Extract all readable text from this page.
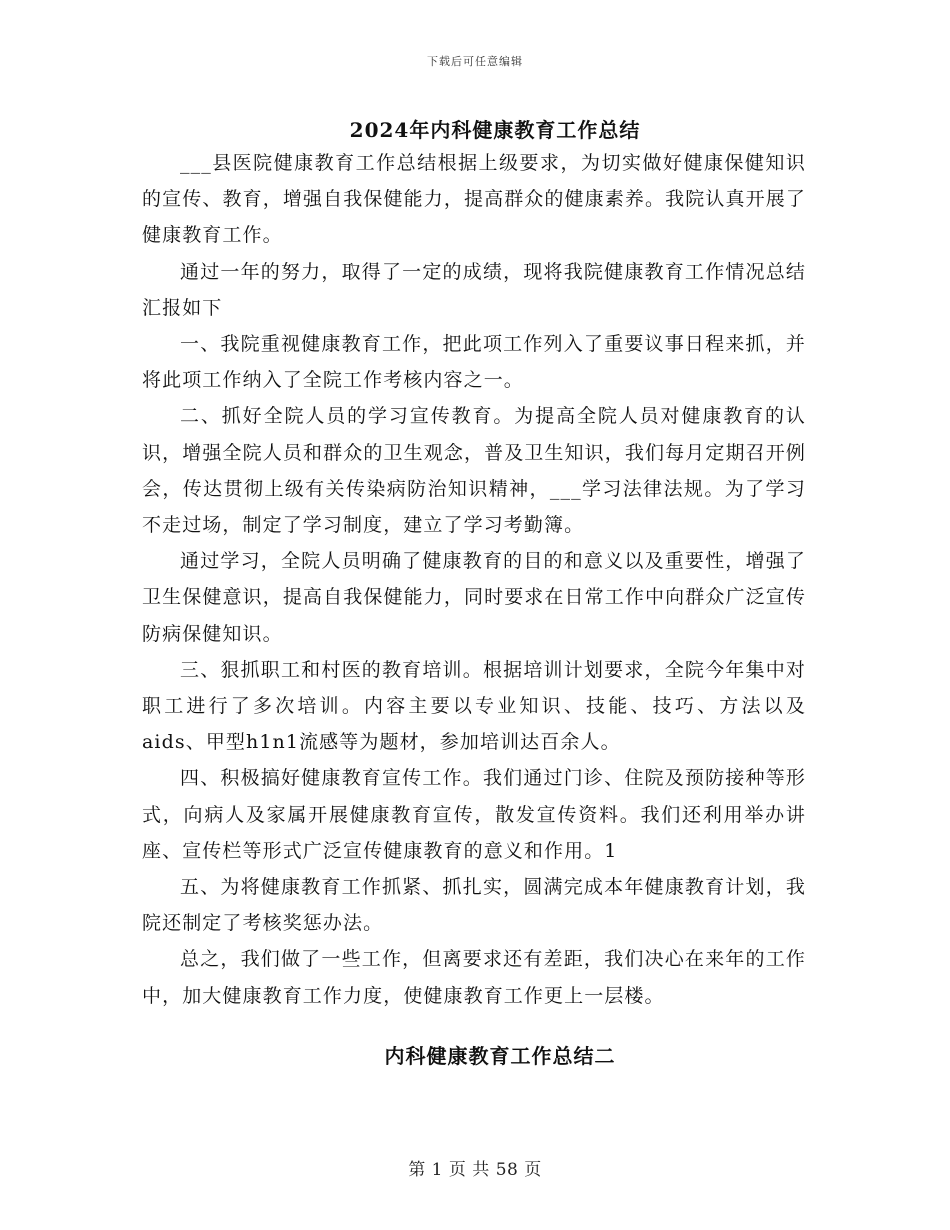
下载后可任意编辑
2024年内科健康教育工作总结

___县医院健康教育工作总结根据上级要求，为切实做好健康保健知识的宣传、教育，增强自我保健能力，提高群众的健康素养。我院认真开展了健康教育工作。

通过一年的努力，取得了一定的成绩，现将我院健康教育工作情况总结汇报如下

一、我院重视健康教育工作，把此项工作列入了重要议事日程来抓，并将此项工作纳入了全院工作考核内容之一。

二、抓好全院人员的学习宣传教育。为提高全院人员对健康教育的认识，增强全院人员和群众的卫生观念，普及卫生知识，我们每月定期召开例会，传达贯彻上级有关传染病防治知识精神，___学习法律法规。为了学习不走过场，制定了学习制度，建立了学习考勤簿。

通过学习，全院人员明确了健康教育的目的和意义以及重要性，增强了卫生保健意识，提高自我保健能力，同时要求在日常工作中向群众广泛宣传防病保健知识。

三、狠抓职工和村医的教育培训。根据培训计划要求，全院今年集中对职工进行了多次培训。内容主要以专业知识、技能、技巧、方法以及aids、甲型h1n1流感等为题材，参加培训达百余人。

四、积极搞好健康教育宣传工作。我们通过门诊、住院及预防接种等形式，向病人及家属开展健康教育宣传，散发宣传资料。我们还利用举办讲座、宣传栏等形式广泛宣传健康教育的意义和作用。1

五、为将健康教育工作抓紧、抓扎实，圆满完成本年健康教育计划，我院还制定了考核奖惩办法。

总之，我们做了一些工作，但离要求还有差距，我们决心在来年的工作中，加大健康教育工作力度，使健康教育工作更上一层楼。

内科健康教育工作总结二
第 1 页 共 58 页
